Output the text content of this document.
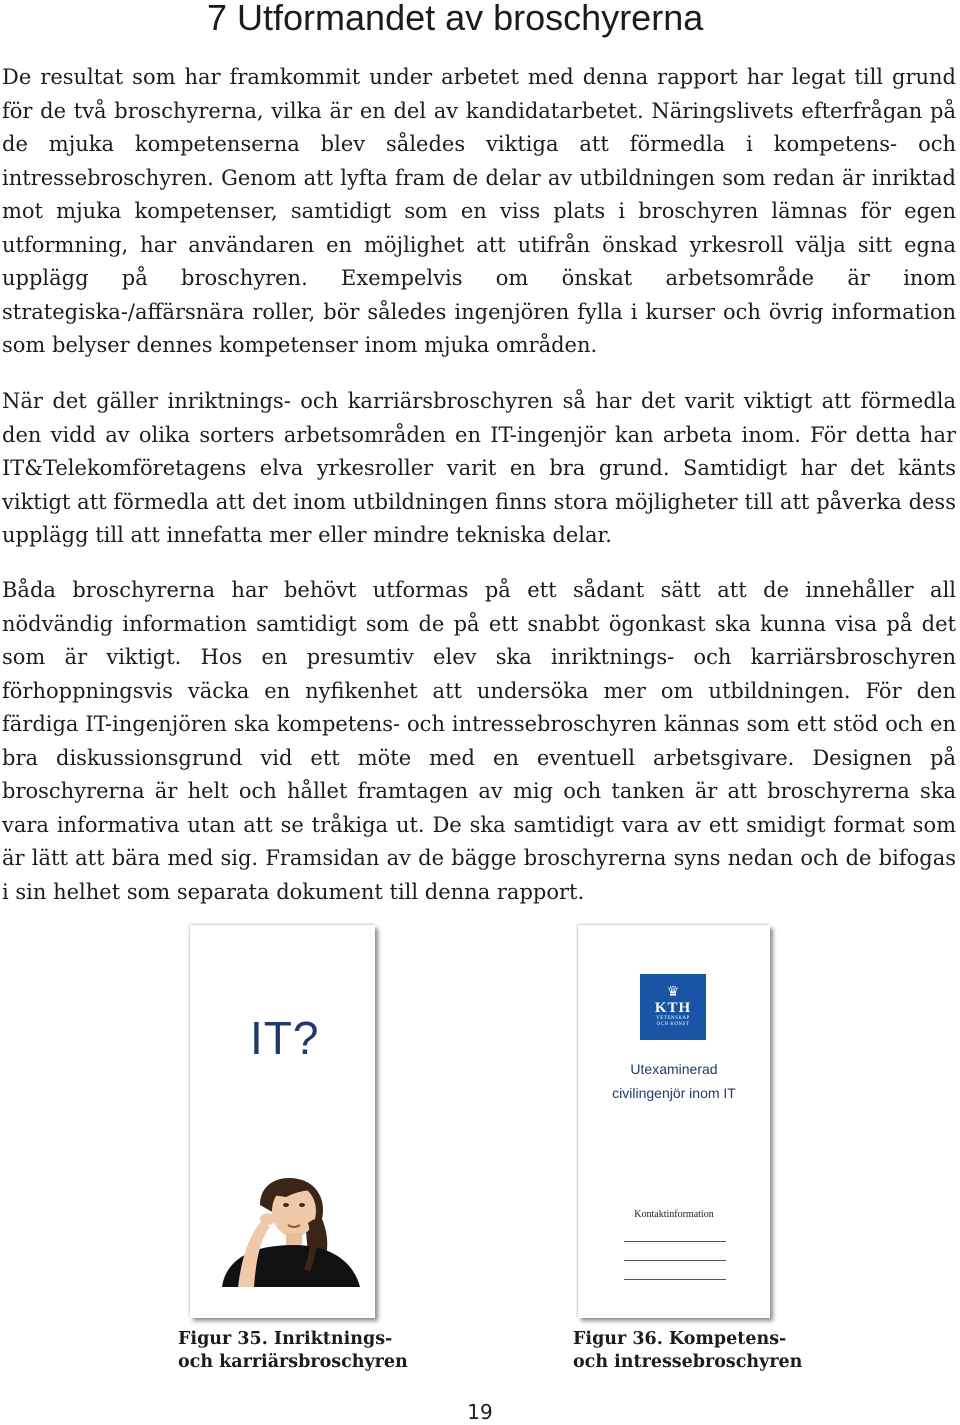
7 Utformandet av broschyrerna

De resultat som har framkommit under arbetet med denna rapport har legat till grund för de två broschyrerna, vilka är en del av kandidatarbetet. Näringslivets efterfrågan på de mjuka kompetenserna blev således viktiga att förmedla i kompetens- och intressebroschyren. Genom att lyfta fram de delar av utbildningen som redan är inriktad mot mjuka kompetenser, samtidigt som en viss plats i broschyren lämnas för egen utformning, har användaren en möjlighet att utifrån önskad yrkesroll välja sitt egna upplägg på broschyren. Exempelvis om önskat arbetsområde är inom strategiska-/affärsnära roller, bör således ingenjören fylla i kurser och övrig information som belyser dennes kompetenser inom mjuka områden.

När det gäller inriktnings- och karriärsbroschyren så har det varit viktigt att förmedla den vidd av olika sorters arbetsområden en IT-ingenjör kan arbeta inom. För detta har IT&Telekomföretagens elva yrkesroller varit en bra grund. Samtidigt har det känts viktigt att förmedla att det inom utbildningen finns stora möjligheter till att påverka dess upplägg till att innefatta mer eller mindre tekniska delar.

Båda broschyrerna har behövt utformas på ett sådant sätt att de innehåller all nödvändig information samtidigt som de på ett snabbt ögonkast ska kunna visa på det som är viktigt. Hos en presumtiv elev ska inriktnings- och karriärsbroschyren förhoppningsvis väcka en nyfikenhet att undersöka mer om utbildningen. För den färdiga IT-ingenjören ska kompetens- och intressebroschyren kännas som ett stöd och en bra diskussionsgrund vid ett möte med en eventuell arbetsgivare. Designen på broschyrerna är helt och hållet framtagen av mig och tanken är att broschyrerna ska vara informativa utan att se tråkiga ut. De ska samtidigt vara av ett smidigt format som är lätt att bära med sig. Framsidan av de bägge broschyrerna syns nedan och de bifogas i sin helhet som separata dokument till denna rapport.

IT?
♛
KTH
VETENSKAP
OCH KONST
Utexaminerad
civilingenjör inom IT
Kontaktinformation
Figur 35. Inriktnings-
och karriärsbroschyren
Figur 36. Kompetens-
och intressebroschyren
19
